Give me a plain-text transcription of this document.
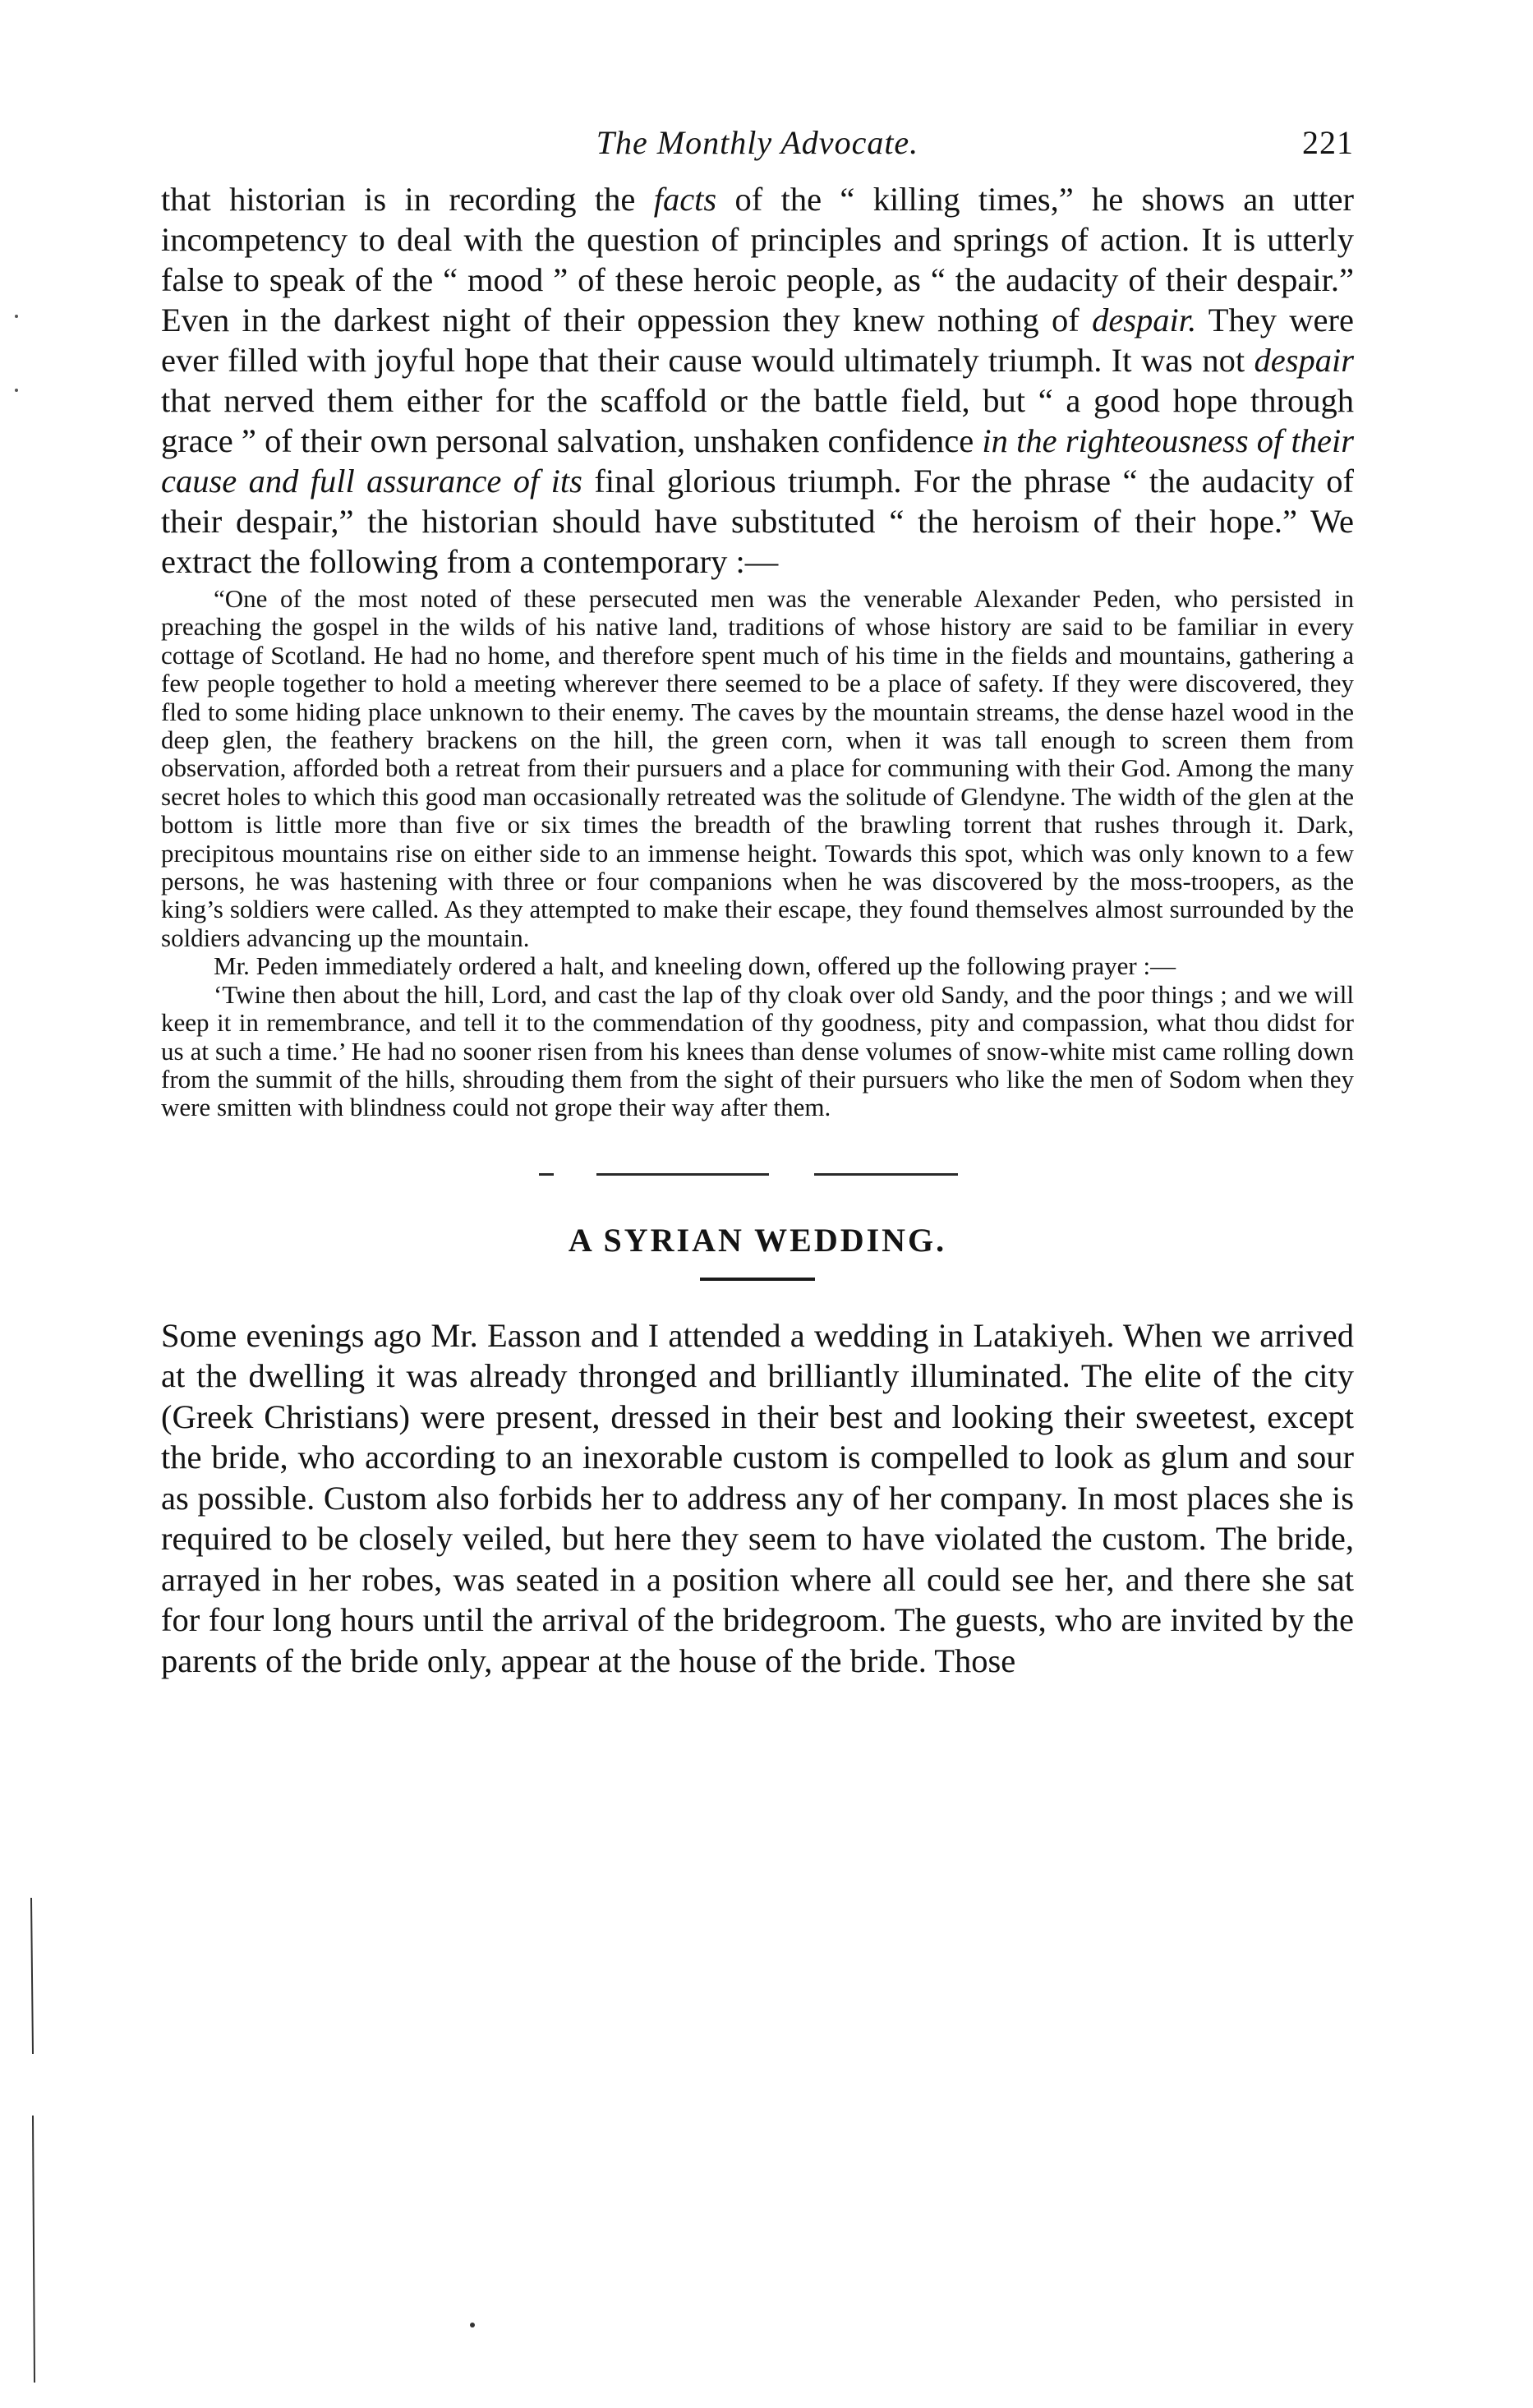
The Monthly Advocate.	221

that historian is in recording the facts of the “ killing times,” he shows an utter incompetency to deal with the question of principles and springs of action. It is utterly false to speak of the “ mood ” of these heroic people, as “ the audacity of their despair.” Even in the darkest night of their oppession they knew nothing of despair. They were ever filled with joyful hope that their cause would ultimately triumph. It was not despair that nerved them either for the scaffold or the battle field, but “ a good hope through grace ” of their own personal salvation, unshaken confidence in the righteousness of their cause and full assurance of its final glorious triumph. For the phrase “ the audacity of their despair,” the historian should have substituted “ the heroism of their hope.” We extract the following from a contemporary :—

“One of the most noted of these persecuted men was the venerable Alexander Peden, who persisted in preaching the gospel in the wilds of his native land, traditions of whose history are said to be familiar in every cottage of Scotland. He had no home, and therefore spent much of his time in the fields and mountains, gathering a few people together to hold a meeting wherever there seemed to be a place of safety. If they were discovered, they fled to some hiding place unknown to their enemy. The caves by the mountain streams, the dense hazel wood in the deep glen, the feathery brackens on the hill, the green corn, when it was tall enough to screen them from observation, afforded both a retreat from their pursuers and a place for communing with their God. Among the many secret holes to which this good man occasionally retreated was the solitude of Glendyne. The width of the glen at the bottom is little more than five or six times the breadth of the brawling torrent that rushes through it. Dark, precipitous mountains rise on either side to an immense height. Towards this spot, which was only known to a few persons, he was hastening with three or four companions when he was discovered by the moss-troopers, as the king’s soldiers were called. As they attempted to make their escape, they found themselves almost surrounded by the soldiers advancing up the mountain.

Mr. Peden immediately ordered a halt, and kneeling down, offered up the following prayer :—

‘Twine then about the hill, Lord, and cast the lap of thy cloak over old Sandy, and the poor things ; and we will keep it in remembrance, and tell it to the commendation of thy goodness, pity and compassion, what thou didst for us at such a time.’ He had no sooner risen from his knees than dense volumes of snow-white mist came rolling down from the summit of the hills, shrouding them from the sight of their pursuers who like the men of Sodom when they were smitten with blindness could not grope their way after them.

A SYRIAN WEDDING.

Some evenings ago Mr. Easson and I attended a wedding in Latakiyeh. When we arrived at the dwelling it was already thronged and brilliantly illuminated. The elite of the city (Greek Christians) were present, dressed in their best and looking their sweetest, except the bride, who according to an inexorable custom is compelled to look as glum and sour as possible. Custom also forbids her to address any of her company. In most places she is required to be closely veiled, but here they seem to have violated the custom. The bride, arrayed in her robes, was seated in a position where all could see her, and there she sat for four long hours until the arrival of the bridegroom. The guests, who are invited by the parents of the bride only, appear at the house of the bride. Those
